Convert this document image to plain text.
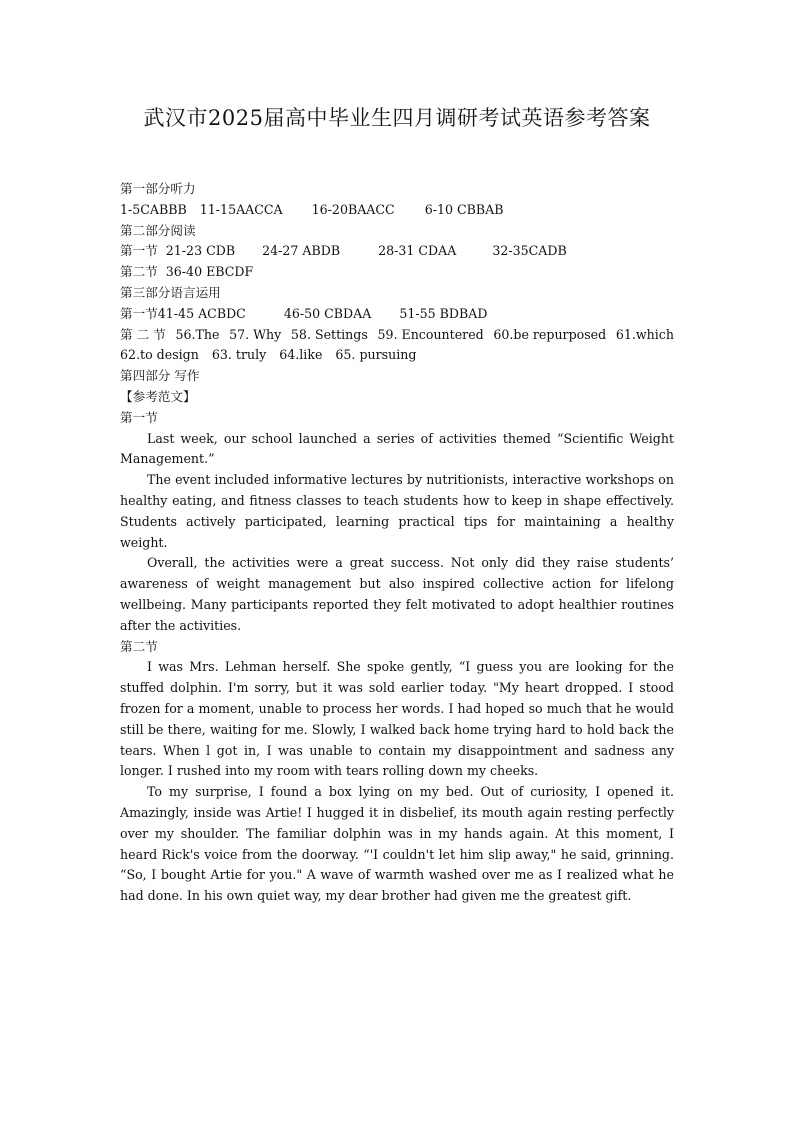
武汉市2025届高中毕业生四月调研考试英语参考答案
第一部分听力
1-5CABBB 11-15AACCA 16-20BAACC 6-10 CBBAB
第二部分阅读
第一节 21-23 CDB 24-27 ABDB	28-31 CDAA	32-35CADB
第二节 36-40 EBCDF
第三部分语言运用
第一节41-45 ACBDC	46-50 CBDAA 51-55 BDBAD
第 二 节 56.The 57. Why 58. Settings 59. Encountered 60.be repurposed 61.which
62.to design 63. truly 64.like 65. pursuing
第四部分 写作
【参考范文】
第一节

Last week, our school launched a series of activities themed “Scientific Weight Management.”

The event included informative lectures by nutritionists, interactive workshops on healthy eating, and fitness classes to teach students how to keep in shape effectively. Students actively participated, learning practical tips for maintaining a healthy weight.

Overall, the activities were a great success. Not only did they raise students’ awareness of weight management but also inspired collective action for lifelong wellbeing. Many participants reported they felt motivated to adopt healthier routines after the activities.

第二节

I was Mrs. Lehman herself. She spoke gently, “I guess you are looking for the stuffed dolphin. I'm sorry, but it was sold earlier today. "My heart dropped. I stood frozen for a moment, unable to process her words. I had hoped so much that he would still be there, waiting for me. Slowly, I walked back home trying hard to hold back the tears. When l got in, I was unable to contain my disappointment and sadness any longer. I rushed into my room with tears rolling down my cheeks.

To my surprise, I found a box lying on my bed. Out of curiosity, I opened it. Amazingly, inside was Artie! I hugged it in disbelief, its mouth again resting perfectly over my shoulder. The familiar dolphin was in my hands again. At this moment, I heard Rick's voice from the doorway. “'I couldn't let him slip away," he said, grinning. “So, I bought Artie for you." A wave of warmth washed over me as I realized what he had done. In his own quiet way, my dear brother had given me the greatest gift.
